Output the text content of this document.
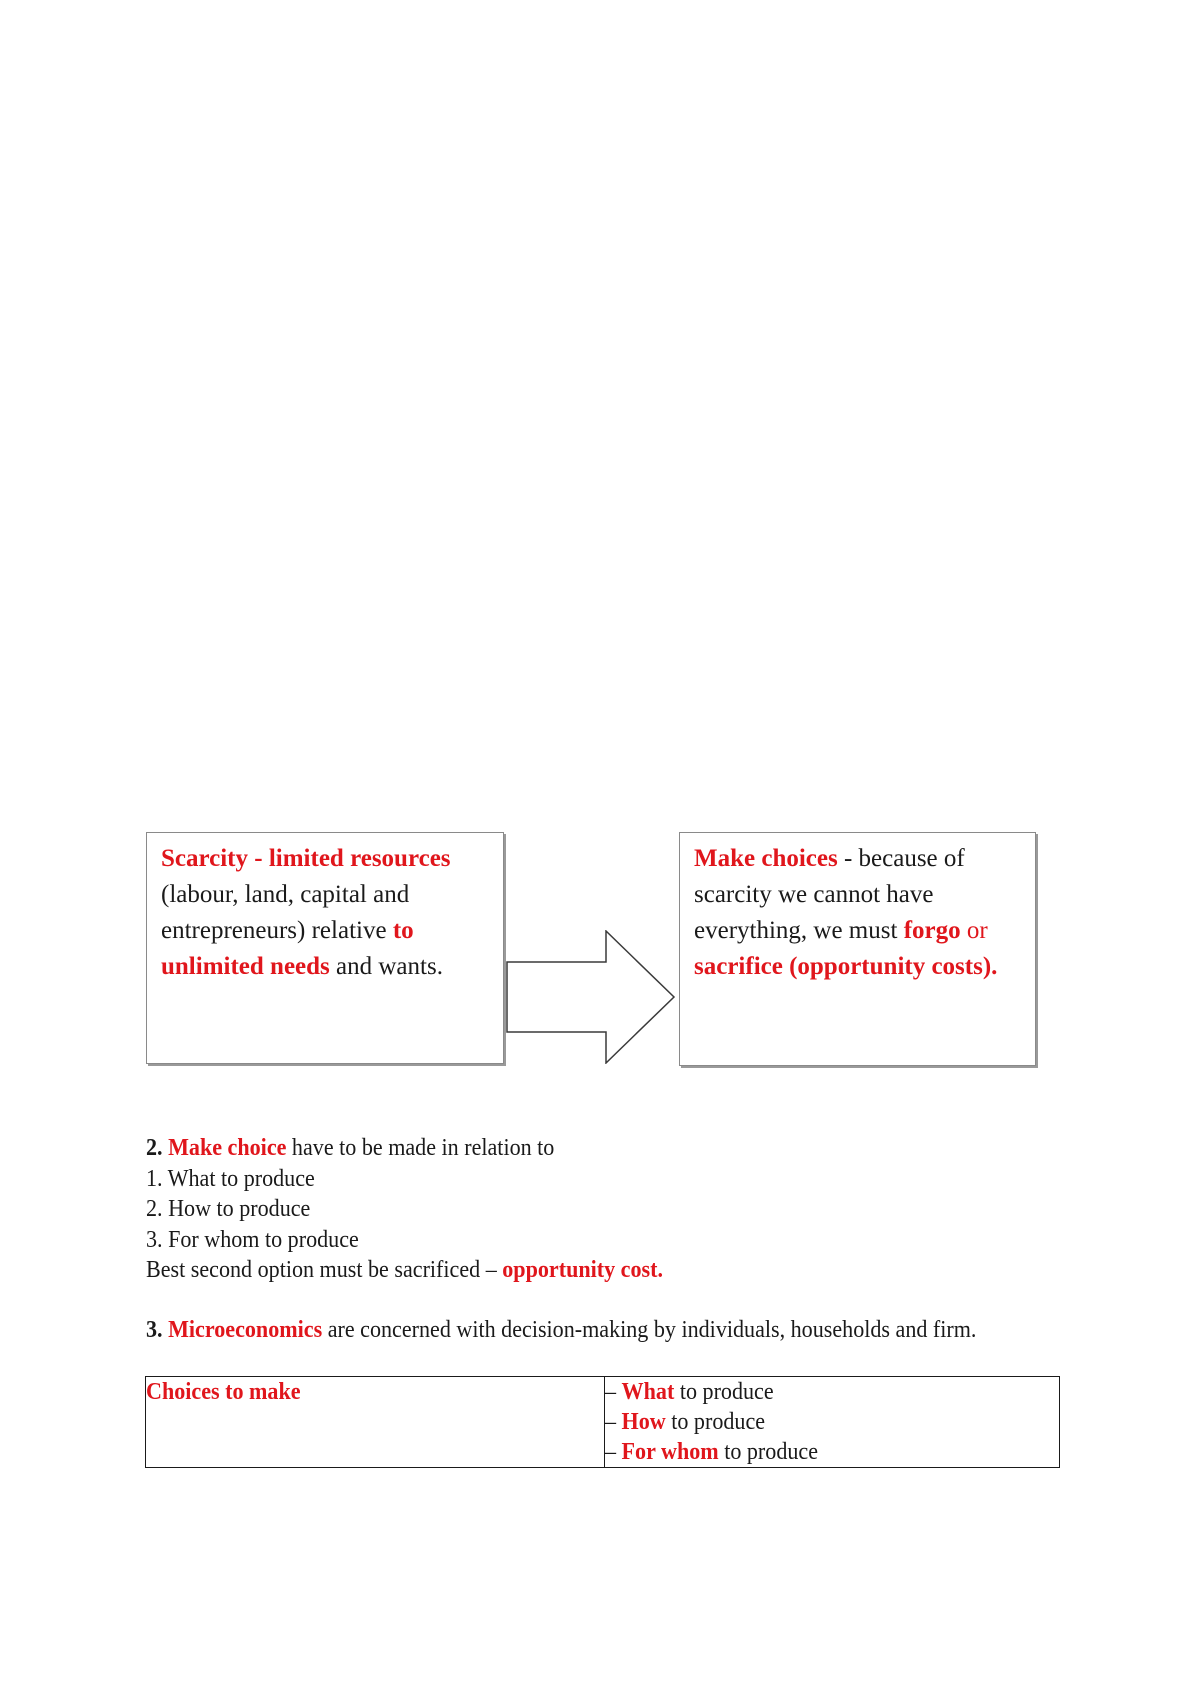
Scarcity - limited resources (labour, land, capital and entrepreneurs) relative to unlimited needs and wants.

Make choices - because of scarcity we cannot have everything, we must forgo or sacrifice (opportunity costs).

2. Make choice have to be made in relation to

1. What to produce

2. How to produce

3. For whom to produce

Best second option must be sacrificed – opportunity cost.

3. Microeconomics are concerned with decision-making by individuals, households and firm.

Choices to make	– What to produce
– How to produce
– For whom to produce
